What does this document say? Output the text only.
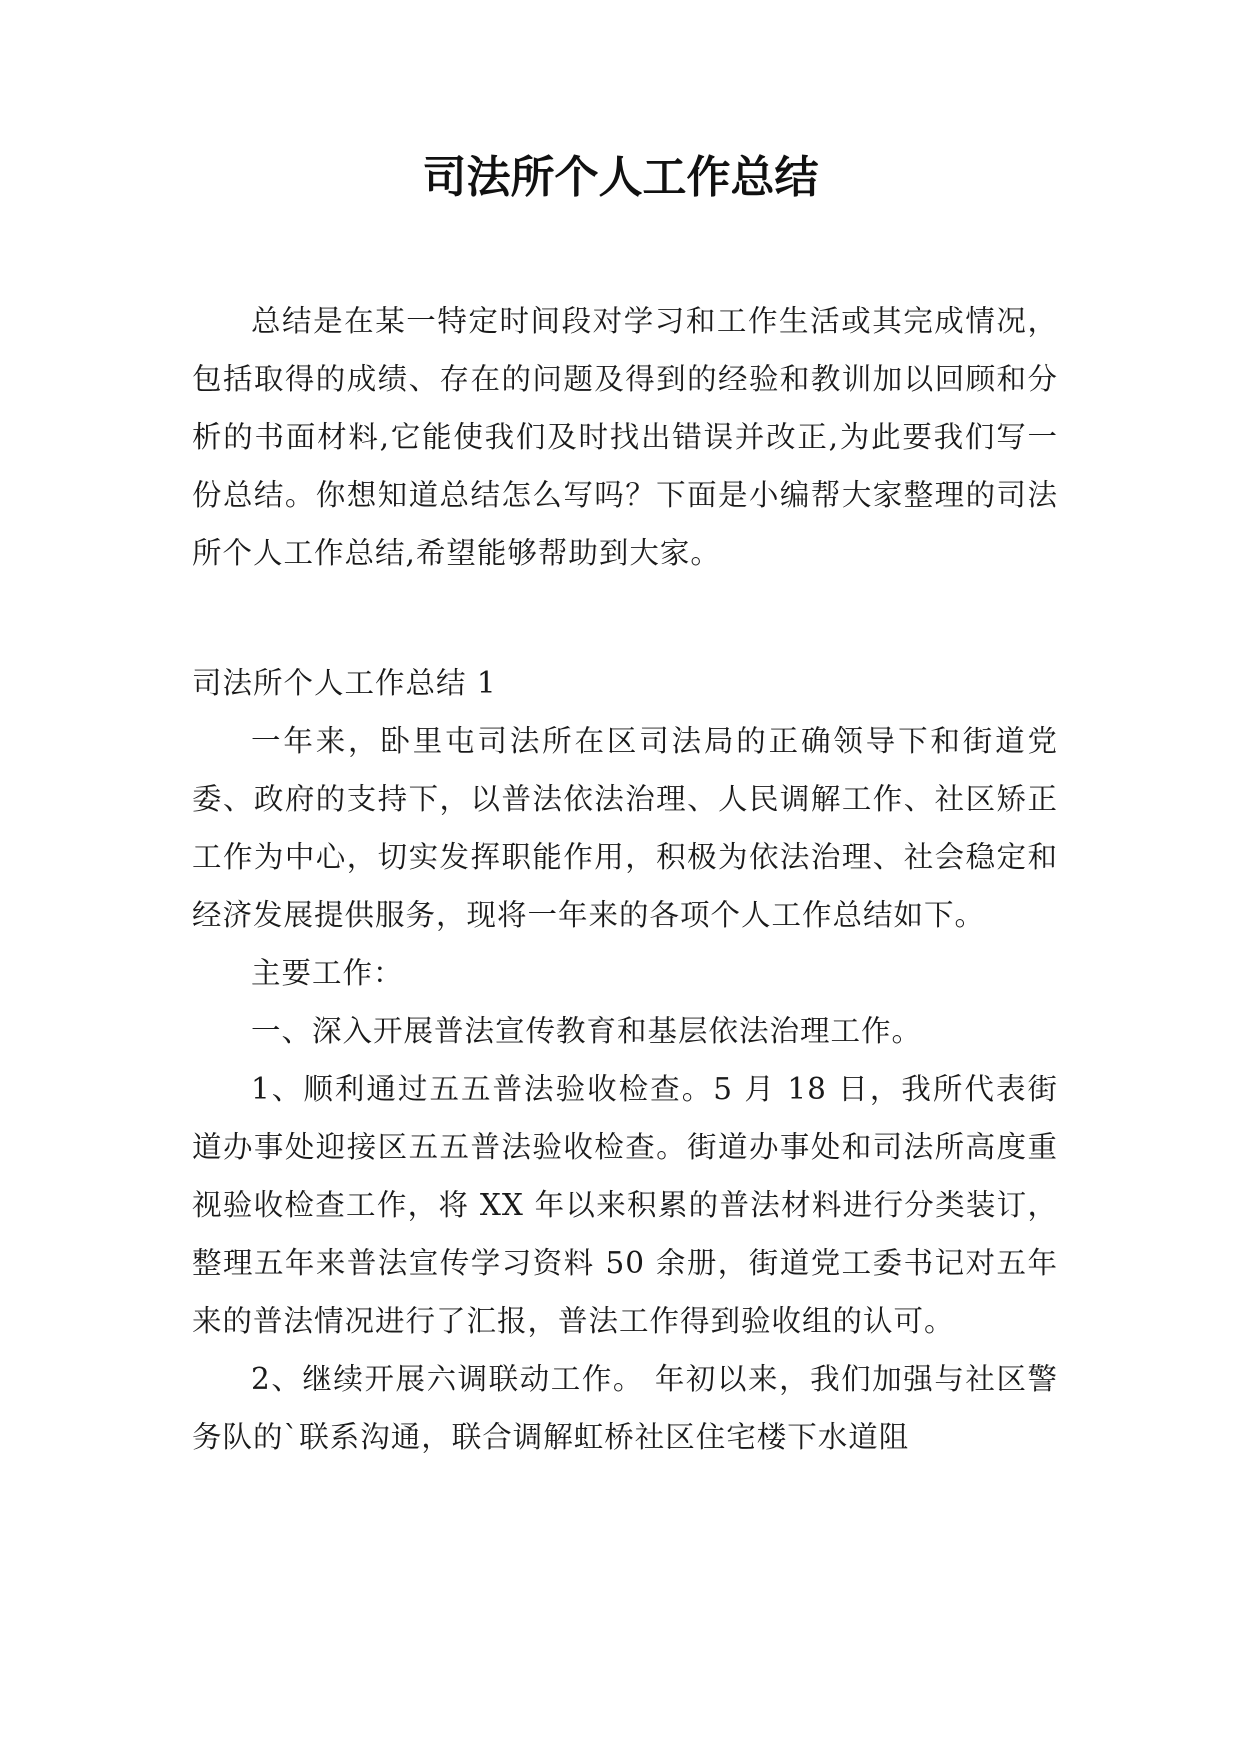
司法所个人工作总结

总结是在某一特定时间段对学习和工作生活或其完成情况，包括取得的成绩、存在的问题及得到的经验和教训加以回顾和分析的书面材料,它能使我们及时找出错误并改正,为此要我们写一份总结。你想知道总结怎么写吗？下面是小编帮大家整理的司法所个人工作总结,希望能够帮助到大家。

司法所个人工作总结 1

一年来，卧里屯司法所在区司法局的正确领导下和街道党委、政府的支持下，以普法依法治理、人民调解工作、社区矫正工作为中心，切实发挥职能作用，积极为依法治理、社会稳定和经济发展提供服务，现将一年来的各项个人工作总结如下。

主要工作：

一、深入开展普法宣传教育和基层依法治理工作。

1、顺利通过五五普法验收检查。5 月 18 日，我所代表街道办事处迎接区五五普法验收检查。街道办事处和司法所高度重视验收检查工作，将 XX 年以来积累的普法材料进行分类装订，整理五年来普法宣传学习资料 50 余册，街道党工委书记对五年来的普法情况进行了汇报，普法工作得到验收组的认可。

2、继续开展六调联动工作。 年初以来，我们加强与社区警务队的`联系沟通，联合调解虹桥社区住宅楼下水道阻
